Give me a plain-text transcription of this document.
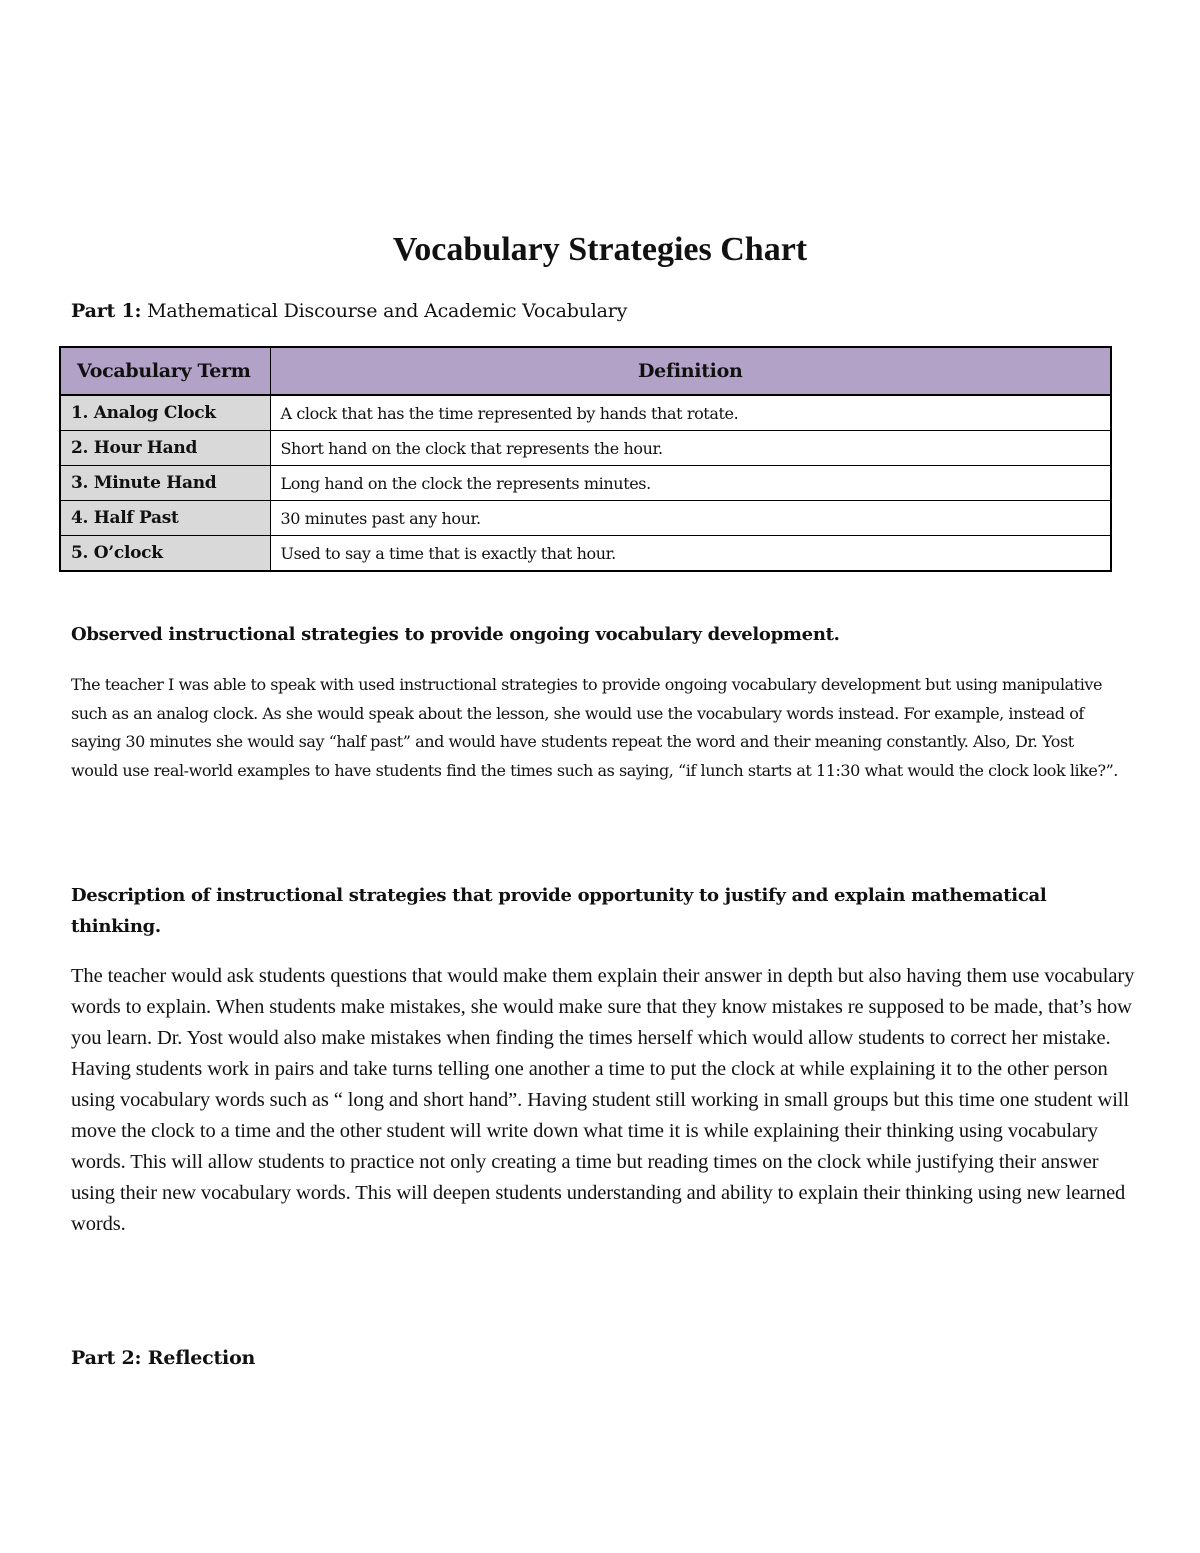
Vocabulary Strategies Chart

Part 1: Mathematical Discourse and Academic Vocabulary

Vocabulary Term	Definition
1. Analog Clock	A clock that has the time represented by hands that rotate.
2. Hour Hand	Short hand on the clock that represents the hour.
3. Minute Hand	Long hand on the clock the represents minutes.
4. Half Past	30 minutes past any hour.
5. O’clock	Used to say a time that is exactly that hour.
Observed instructional strategies to provide ongoing vocabulary development.

The teacher I was able to speak with used instructional strategies to provide ongoing vocabulary development but using manipulative such as an analog clock. As she would speak about the lesson, she would use the vocabulary words instead. For example, instead of saying 30 minutes she would say “half past” and would have students repeat the word and their meaning constantly. Also, Dr. Yost would use real-world examples to have students find the times such as saying, “if lunch starts at 11:30 what would the clock look like?”.

Description of instructional strategies that provide opportunity to justify and explain mathematical thinking.

The teacher would ask students questions that would make them explain their answer in depth but also having them use vocabulary words to explain. When students make mistakes, she would make sure that they know mistakes re supposed to be made, that’s how you learn. Dr. Yost would also make mistakes when finding the times herself which would allow students to correct her mistake. Having students work in pairs and take turns telling one another a time to put the clock at while explaining it to the other person using vocabulary words such as “ long and short hand”. Having student still working in small groups but this time one student will move the clock to a time and the other student will write down what time it is while explaining their thinking using vocabulary words. This will allow students to practice not only creating a time but reading times on the clock while justifying their answer using their new vocabulary words. This will deepen students understanding and ability to explain their thinking using new learned words.

Part 2: Reflection
